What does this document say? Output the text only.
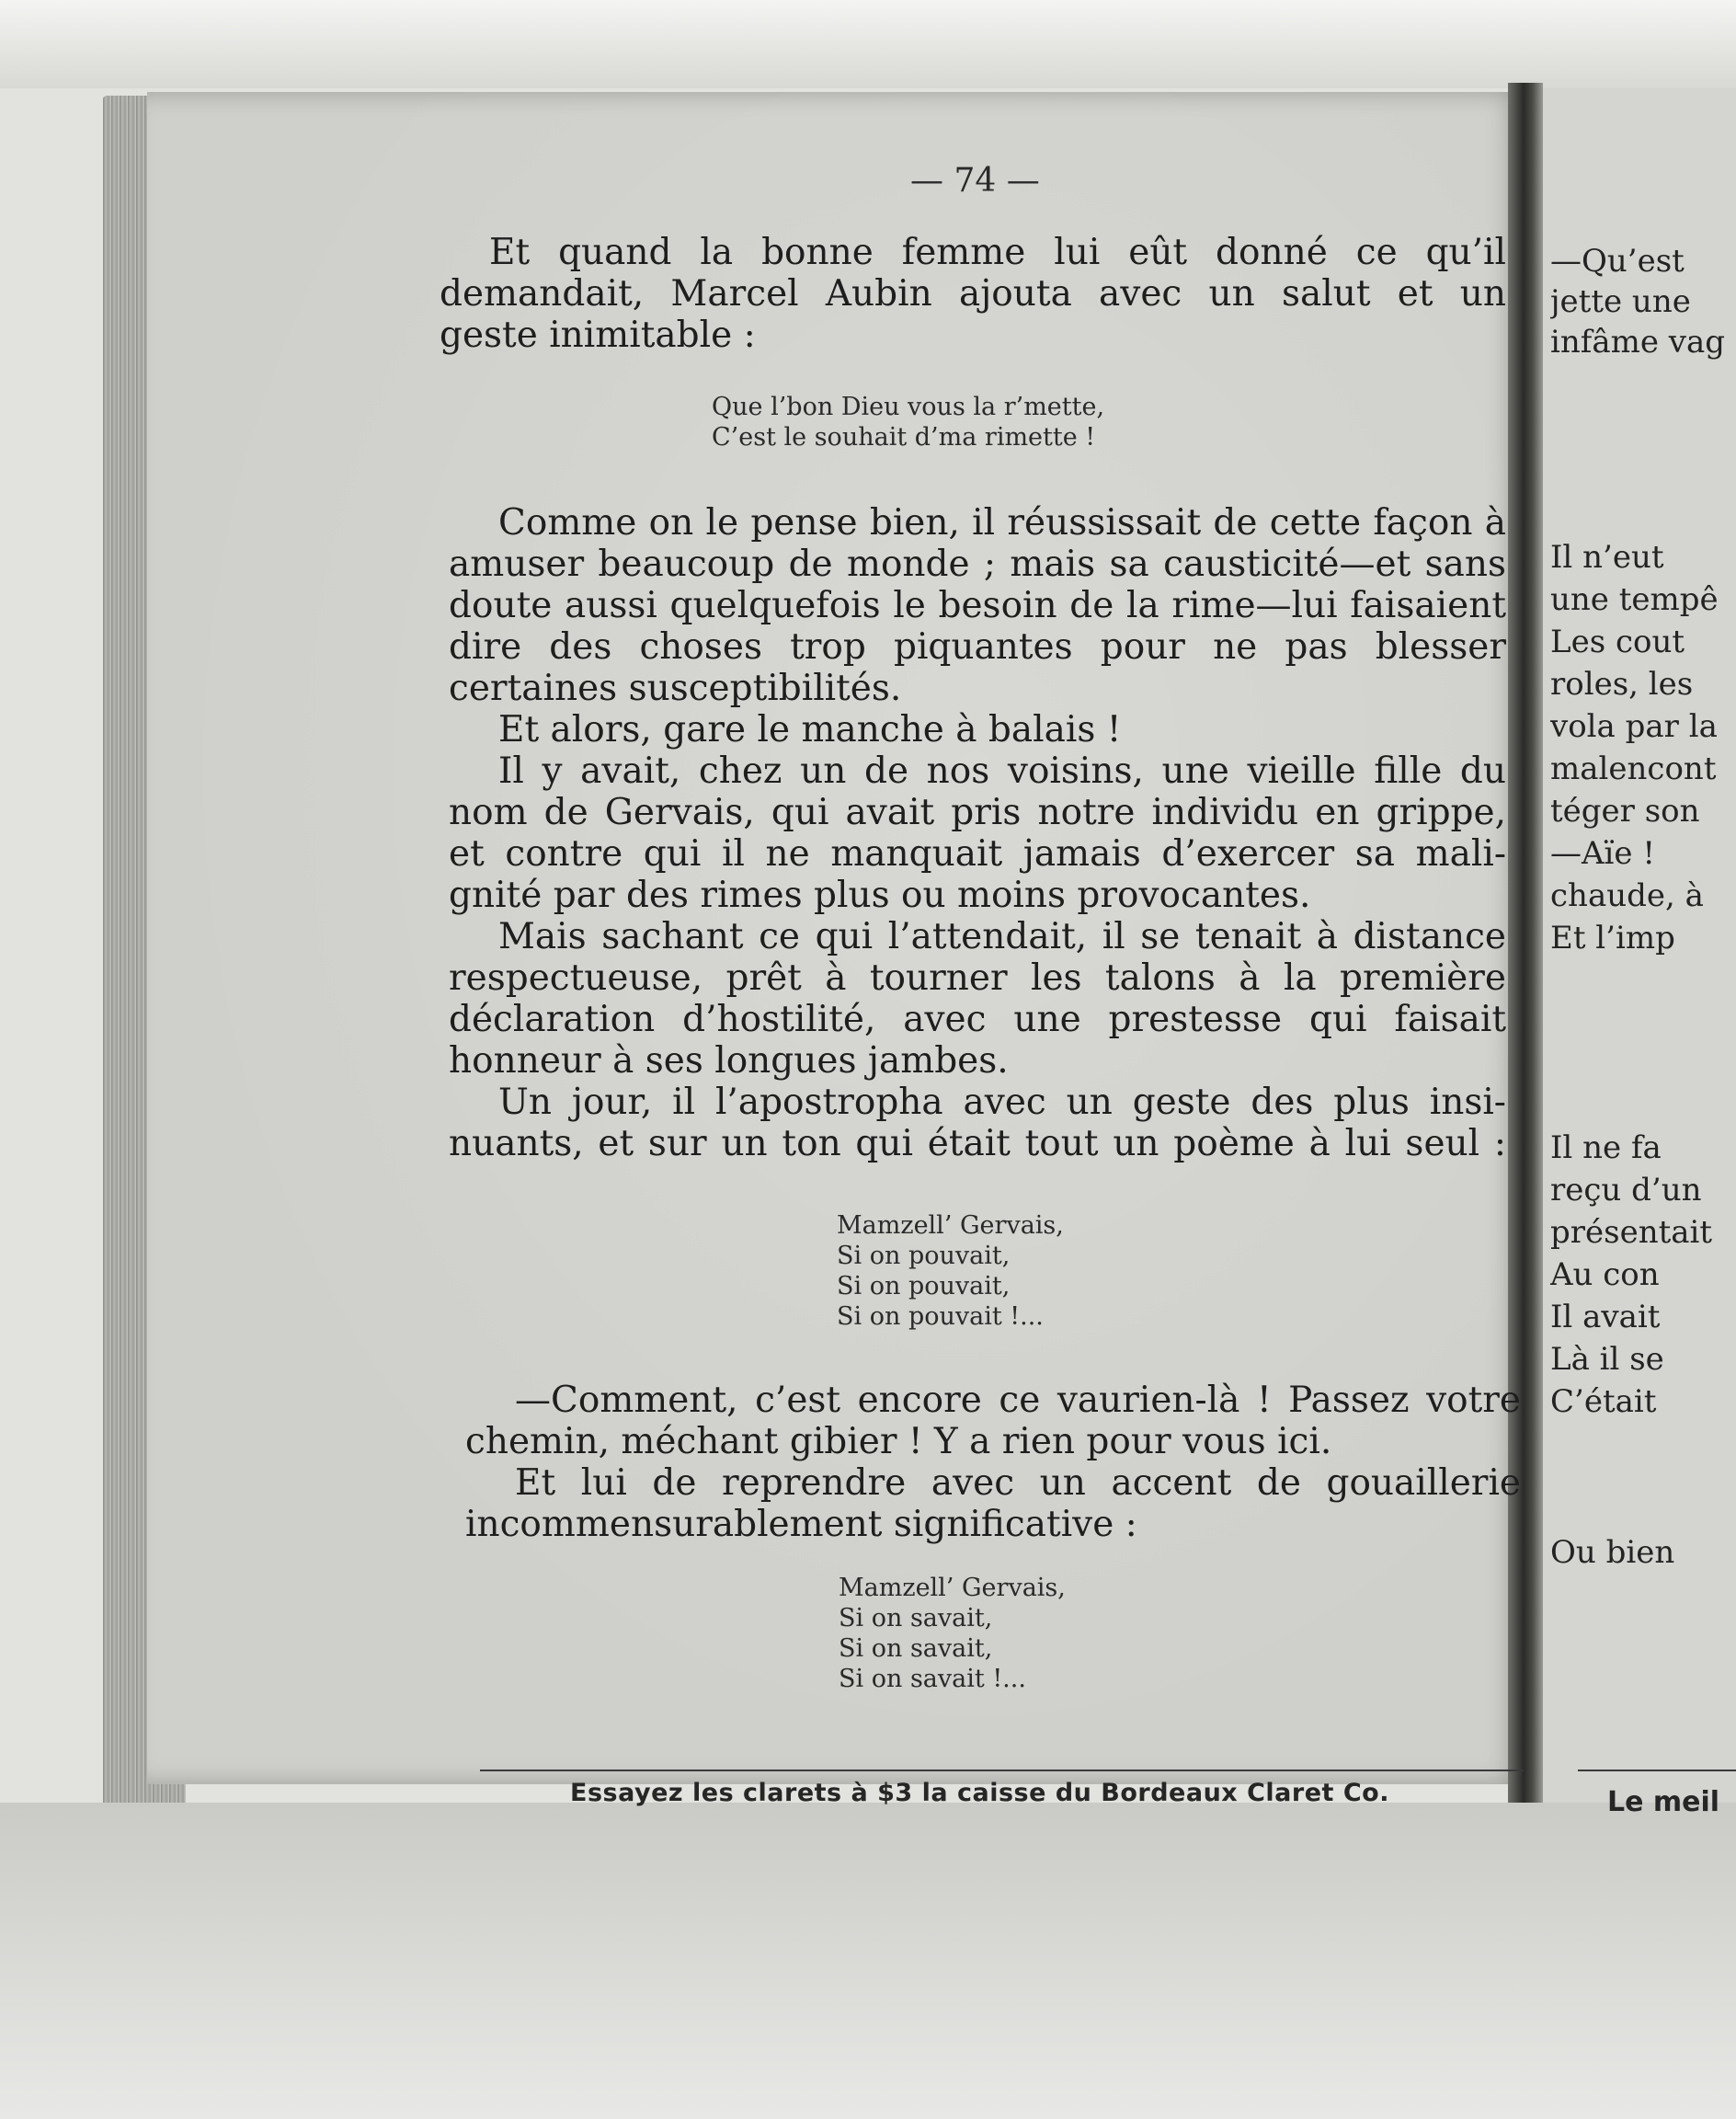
— 74 —
Et quand la bonne femme lui eût donné ce qu’il
demandait, Marcel Aubin ajouta avec un salut et un
geste inimitable :
Que l’bon Dieu vous la r’mette,
C’est le souhait d’ma rimette !
Comme on le pense bien, il réussissait de cette façon à
amuser beaucoup de monde ; mais sa causticité—et sans
doute aussi quelquefois le besoin de la rime—lui faisaient
dire des choses trop piquantes pour ne pas blesser
certaines susceptibilités.
Et alors, gare le manche à balais !
Il y avait, chez un de nos voisins, une vieille fille du
nom de Gervais, qui avait pris notre individu en grippe,
et contre qui il ne manquait jamais d’exercer sa mali-
gnité par des rimes plus ou moins provocantes.
Mais sachant ce qui l’attendait, il se tenait à distance
respectueuse, prêt à tourner les talons à la première
déclaration d’hostilité, avec une prestesse qui faisait
honneur à ses longues jambes.
Un jour, il l’apostropha avec un geste des plus insi-
nuants, et sur un ton qui était tout un poème à lui seul :
Mamzell’ Gervais,
Si on pouvait,
Si on pouvait,
Si on pouvait !...
—Comment, c’est encore ce vaurien-là ! Passez votre
chemin, méchant gibier ! Y a rien pour vous ici.
Et lui de reprendre avec un accent de gouaillerie
incommensurablement significative :
Mamzell’ Gervais,
Si on savait,
Si on savait,
Si on savait !...
Essayez les clarets à $3 la caisse du Bordeaux Claret Co.
—Qu’est
jette une
infâme vag
Il n’eut
une tempê
Les cout
roles, les
vola par la
malencont
téger son
—Aïe !
chaude, à
Et l’imp
Il ne fa
reçu d’un
présentait
Au con
Il avait
Là il se
C’était
Ou bien
Le meil
